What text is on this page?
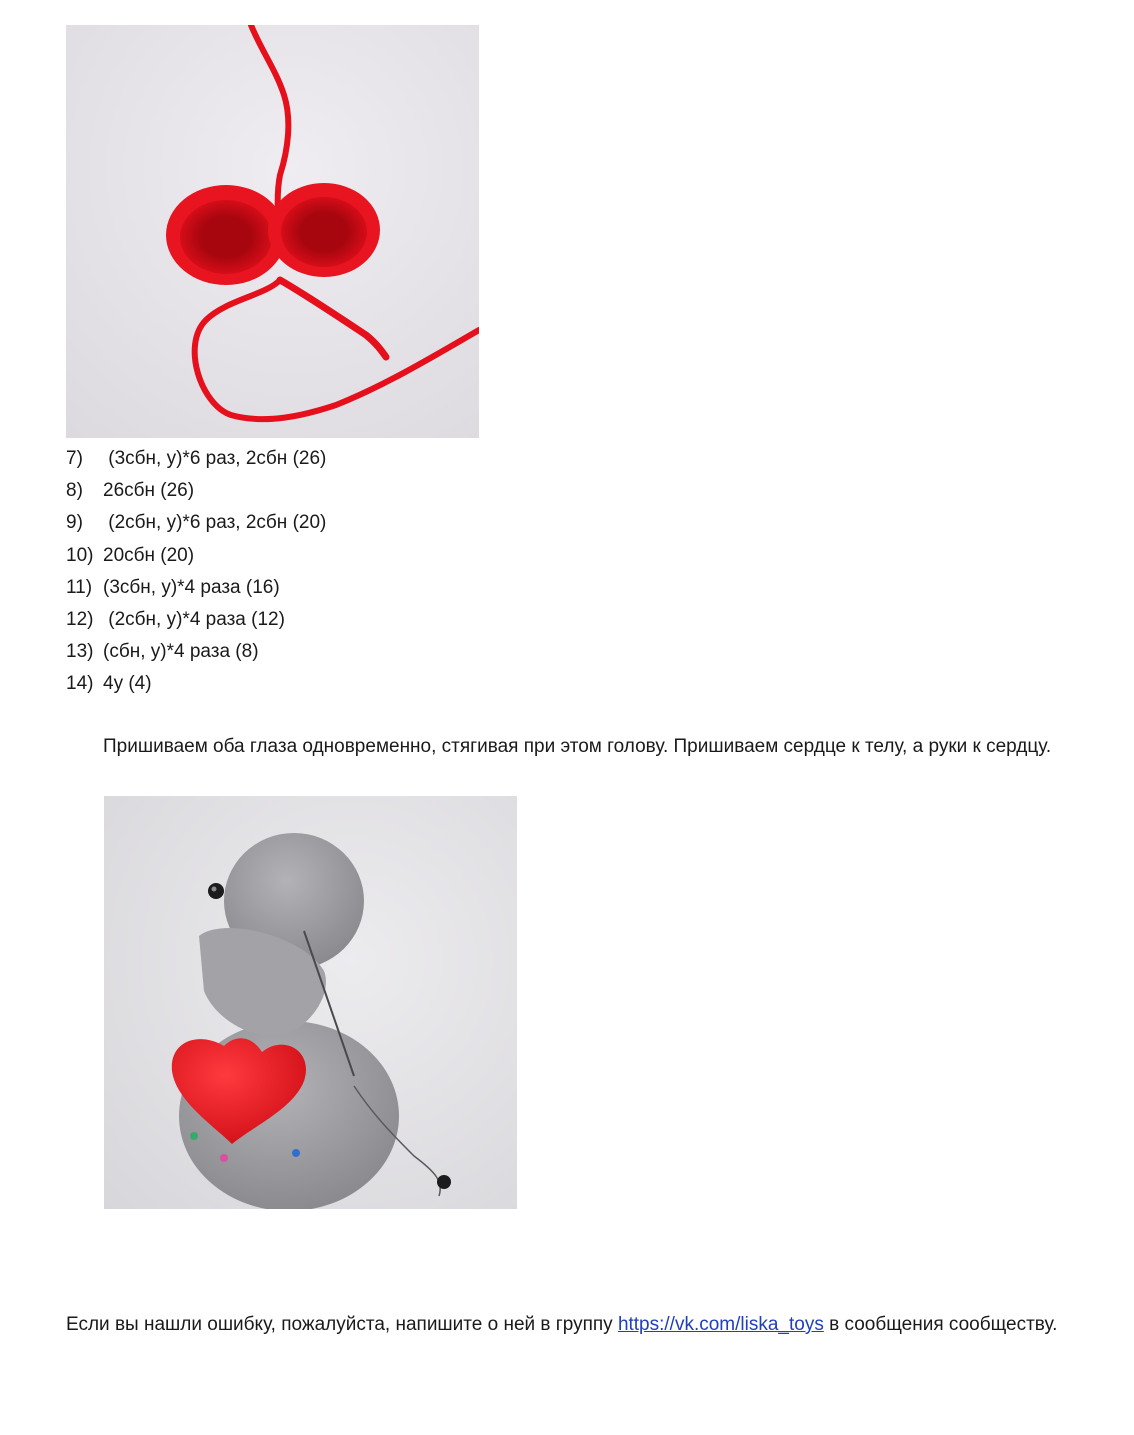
7)	(3сбн, у)*6 раз, 2сбн (26)
8)	26сбн (26)
9)	(2сбн, у)*6 раз, 2сбн (20)
10) 20сбн (20)
11) (3сбн, у)*4 раза (16)
12) (2сбн, у)*4 раза (12)
13) (сбн, у)*4 раза (8)
14) 4у (4)

Пришиваем оба глаза одновременно, стягивая при этом голову. Пришиваем сердце к телу, а руки к сердцу.

Если вы нашли ошибку, пожалуйста, напишите о ней в группу https://vk.com/liska_toys в сообщения сообществу.
